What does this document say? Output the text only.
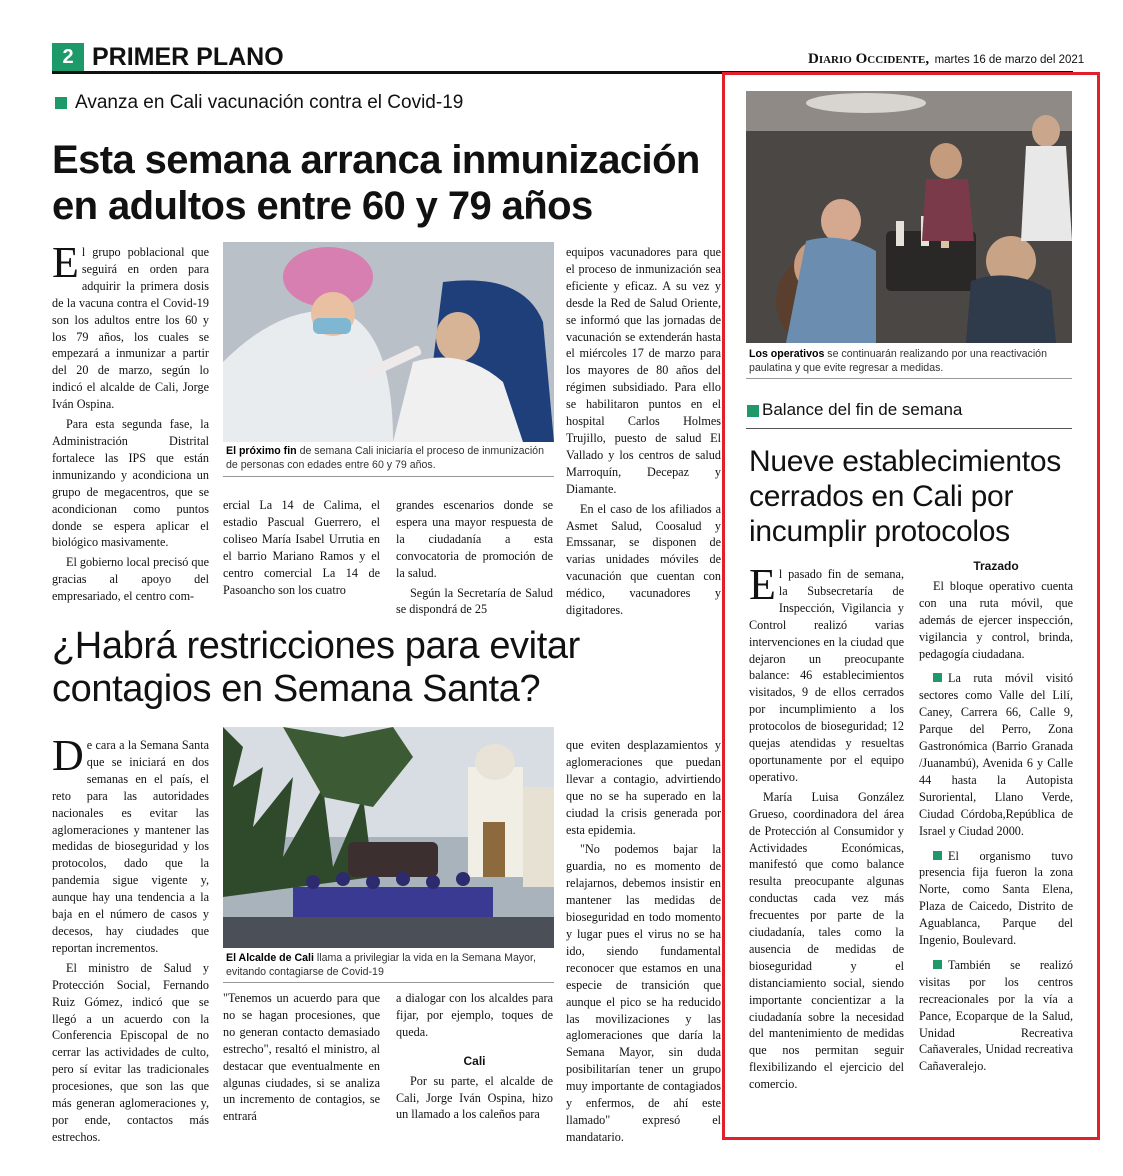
2 PRIMER PLANO	Diario Occidente, martes 16 de marzo del 2021
Avanza en Cali vacunación contra el Covid-19
Esta semana arranca inmunización
en adultos entre 60 y 79 años

El grupo poblacional que seguirá en orden para adquirir la primera dosis de la vacuna contra el Covid-19 son los adultos entre los 60 y los 79 años, los cuales se empezará a inmunizar a partir del 20 de marzo, según lo indicó el alcalde de Cali, Jorge Iván Ospina.

Para esta segunda fase, la Administración Distrital fortalece las IPS que están inmunizando y acondiciona un grupo de megacentros, que se acondicionan como puntos donde se espera aplicar el biológico masivamente.

El gobierno local precisó que gracias al apoyo del empresariado, el centro com-

El próximo fin de semana Cali iniciaría el proceso de inmunización de personas con edades entre 60 y 79 años.

ercial La 14 de Calima, el estadio Pascual Guerrero, el coliseo María Isabel Urrutia en el barrio Mariano Ramos y el centro comercial La 14 de Pasoancho son los cuatro

grandes escenarios donde se espera una mayor respuesta de la ciudadanía a esta convocatoria de promoción de la salud.

Según la Secretaría de Salud se dispondrá de 25

equipos vacunadores para que el proceso de inmunización sea eficiente y eficaz. A su vez y desde la Red de Salud Oriente, se informó que las jornadas de vacunación se extenderán hasta el miércoles 17 de marzo para los mayores de 80 años del régimen subsidiado. Para ello se habilitaron puntos en el hospital Carlos Holmes Trujillo, puesto de salud El Vallado y los centros de salud Marroquín, Decepaz y Diamante.

En el caso de los afiliados a Asmet Salud, Coosalud y Emssanar, se disponen de varias unidades móviles de vacunación que cuentan con médico, vacunadores y digitadores.

¿Habrá restricciones para evitar
contagios en Semana Santa?

De cara a la Semana Santa que se iniciará en dos semanas en el país, el reto para las autoridades nacionales es evitar las aglomeraciones y mantener las medidas de bioseguridad y los protocolos, dado que la pandemia sigue vigente y, aunque hay una tendencia a la baja en el número de casos y decesos, hay ciudades que reportan incrementos.

El ministro de Salud y Protección Social, Fernando Ruiz Gómez, indicó que se llegó a un acuerdo con la Conferencia Episcopal de no cerrar las actividades de culto, pero sí evitar las tradicionales procesiones, que son las que más generan aglomeraciones y, por ende, contactos más estrechos.

El Alcalde de Cali llama a privilegiar la vida en la Semana Mayor, evitando contagiarse de Covid-19

"Tenemos un acuerdo para que no se hagan procesiones, que no generan contacto demasiado estrecho", resaltó el ministro, al destacar que eventualmente en algunas ciudades, si se analiza un incremento de contagios, se entrará

a dialogar con los alcaldes para fijar, por ejemplo, toques de queda.

Cali

Por su parte, el alcalde de Cali, Jorge Iván Ospina, hizo un llamado a los caleños para

que eviten desplazamientos y aglomeraciones que puedan llevar a contagio, advirtiendo que no se ha superado en la ciudad la crisis generada por esta epidemia.

"No podemos bajar la guardia, no es momento de relajarnos, debemos insistir en mantener las medidas de bioseguridad en todo momento y lugar pues el virus no se ha ido, siendo fundamental reconocer que estamos en una especie de transición que aunque el pico se ha reducido las movilizaciones y las aglomeraciones que daría la Semana Mayor, sin duda posibilitarían tener un grupo muy importante de contagiados y enfermos, de ahí este llamado" expresó el mandatario.

Los operativos se continuarán realizando por una reactivación paulatina y que evite regresar a medidas.
Balance del fin de semana
Nueve establecimientos
cerrados en Cali por
incumplir protocolos

El pasado fin de semana, la Subsecretaría de Inspección, Vigilancia y Control realizó varias intervenciones en la ciudad que dejaron un preocupante balance: 46 establecimientos visitados, 9 de ellos cerrados por incumplimiento a los protocolos de bioseguridad; 12 quejas atendidas y resueltas oportunamente por el equipo operativo.

María Luisa González Grueso, coordinadora del área de Protección al Consumidor y Actividades Económicas, manifestó que como balance resulta preocupante algunas conductas cada vez más frecuentes por parte de la ciudadanía, tales como la ausencia de medidas de bioseguridad y el distanciamiento social, siendo importante concientizar a la ciudadanía sobre la necesidad del mantenimiento de medidas que nos permitan seguir flexibilizando el ejercicio del comercio.

Trazado

El bloque operativo cuenta con una ruta móvil, que además de ejercer inspección, vigilancia y control, brinda, pedagogía ciudadana.

La ruta móvil visitó sectores como Valle del Lilí, Caney, Carrera 66, Calle 9, Parque del Perro, Zona Gastronómica (Barrio Granada /Juanambú), Avenida 6 y Calle 44 hasta la Autopista Suroriental, Llano Verde, Ciudad Córdoba,República de Israel y Ciudad 2000.

El organismo tuvo presencia fija fueron la zona Norte, como Santa Elena, Plaza de Caicedo, Distrito de Aguablanca, Parque del Ingenio, Boulevard.

También se realizó visitas por los centros recreacionales por la vía a Pance, Ecoparque de la Salud, Unidad Recreativa Cañaverales, Unidad recreativa Cañaveralejo.
